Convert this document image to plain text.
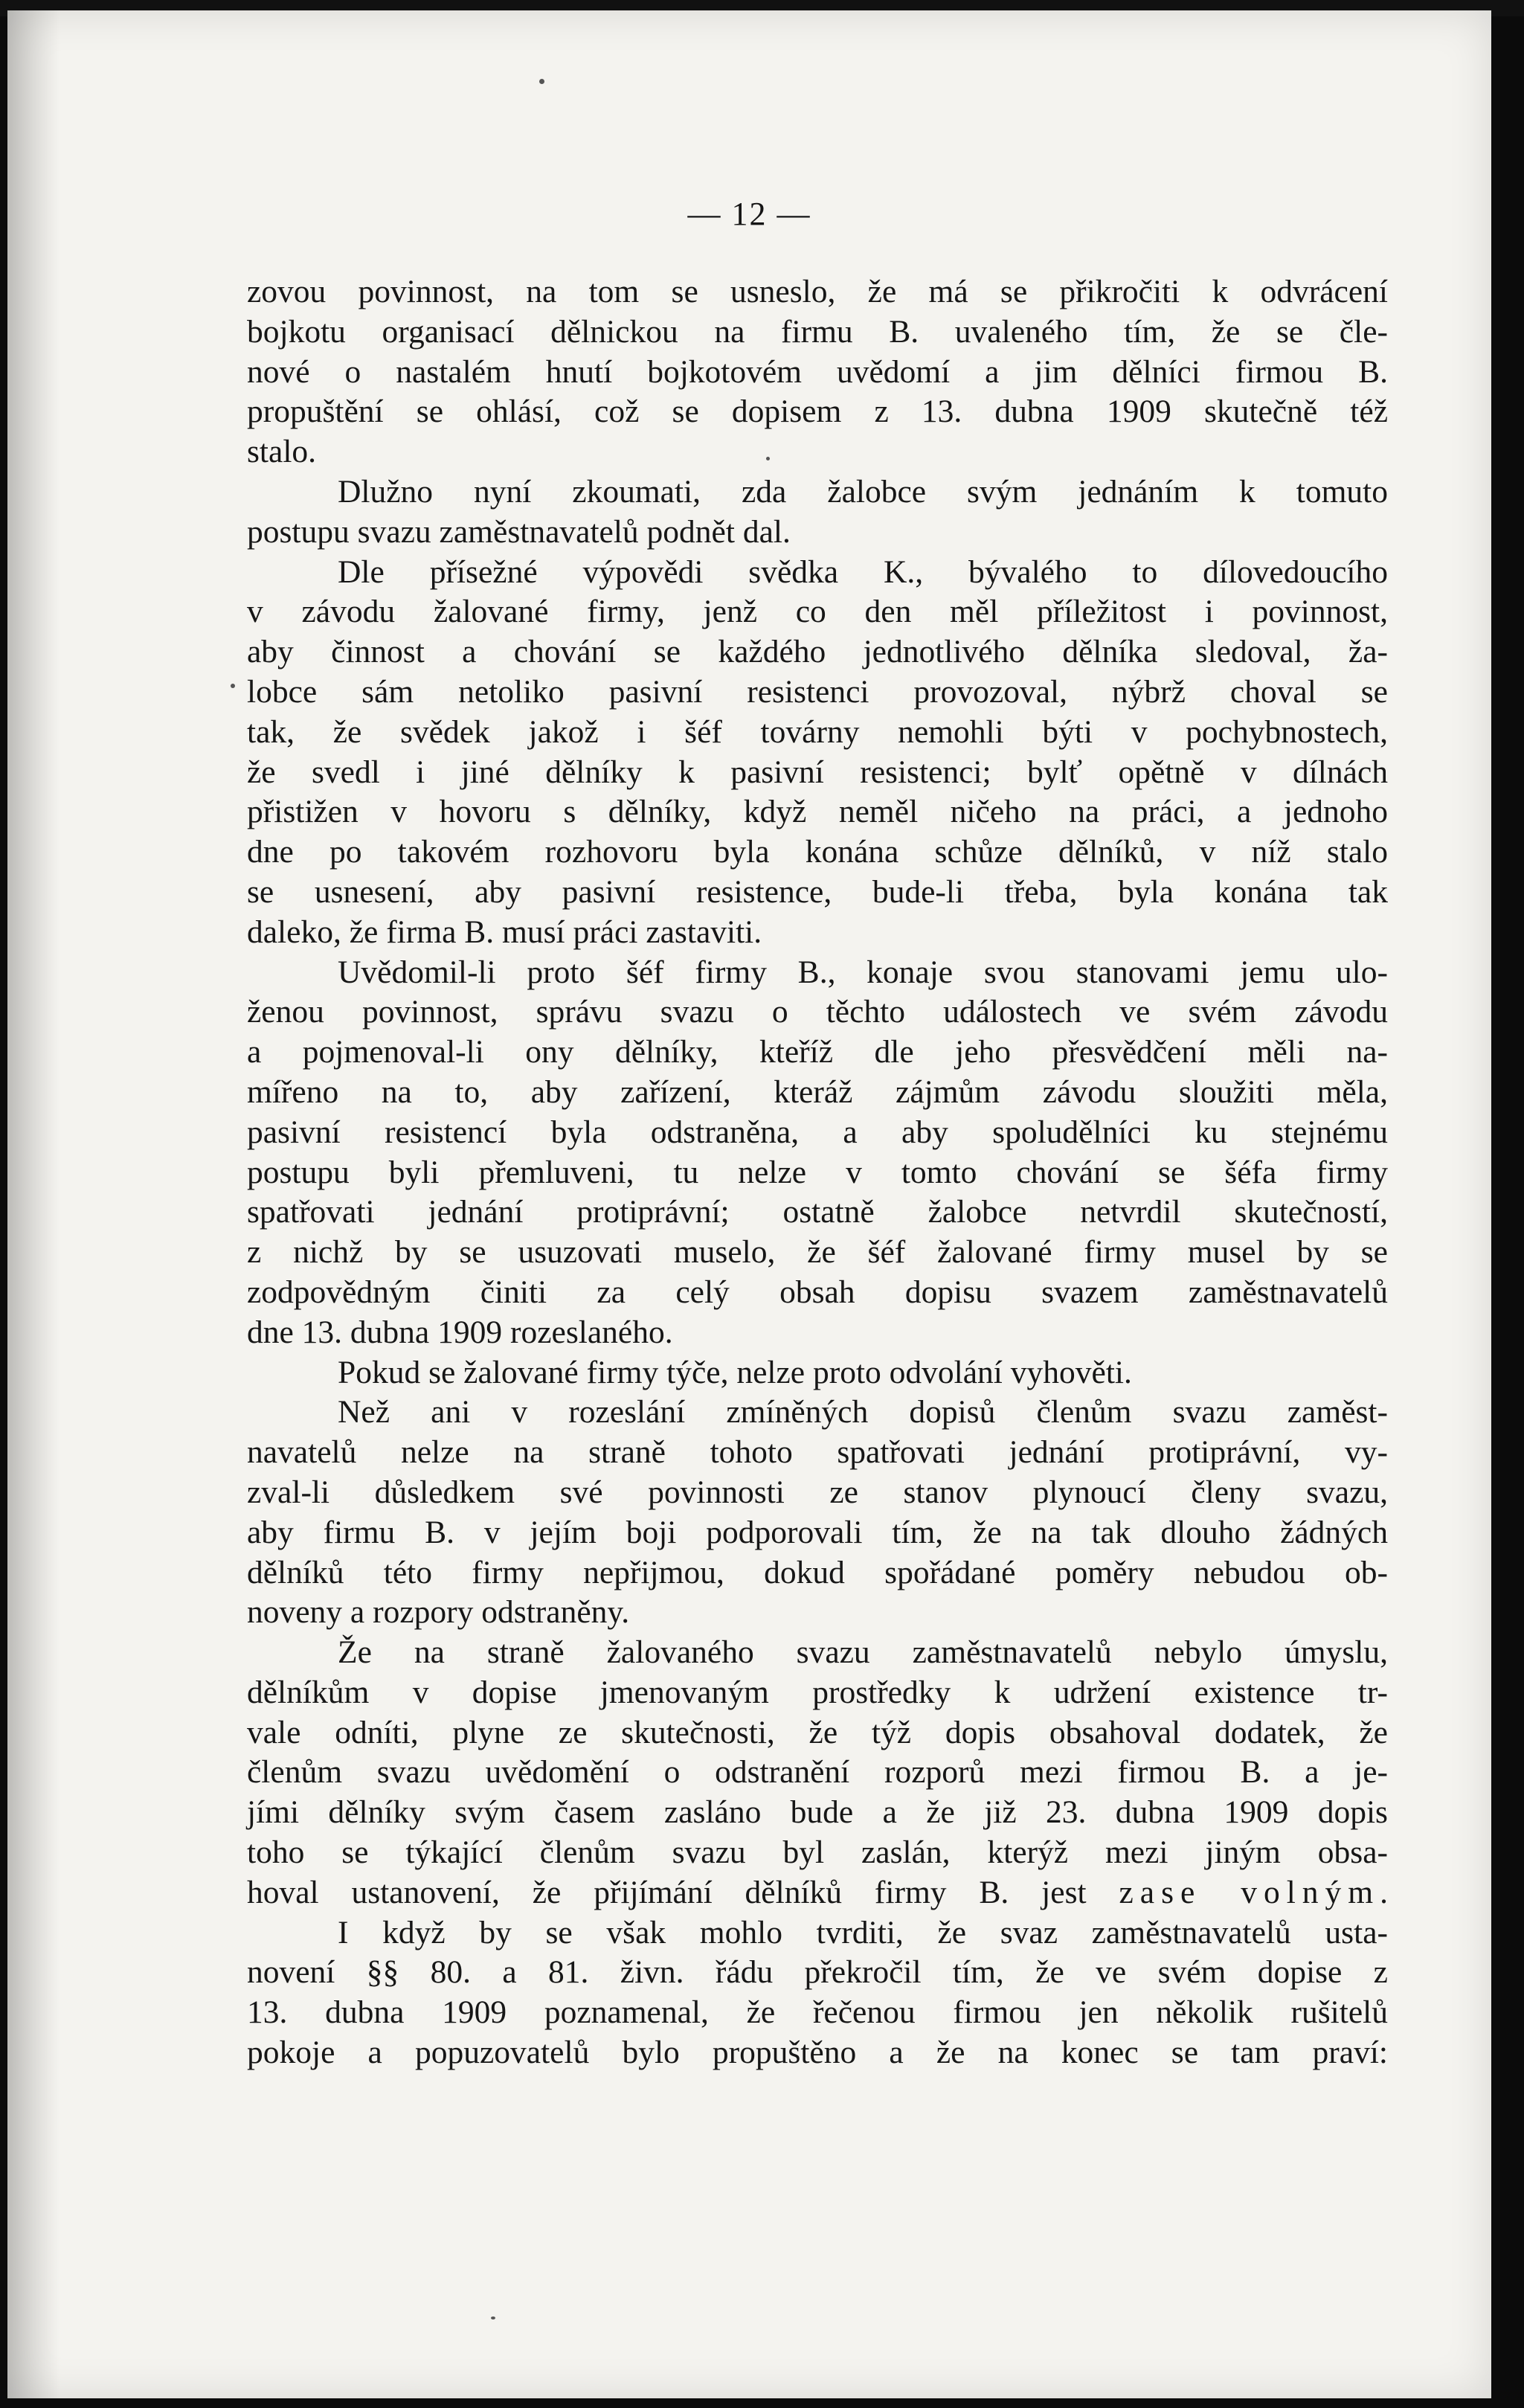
— 12 —
zovou povinnost, na tom se usneslo, že má se přikročiti k odvrácení
bojkotu organisací dělnickou na firmu B. uvaleného tím, že se čle-
nové o nastalém hnutí bojkotovém uvědomí a jim dělníci firmou B.
propuštění se ohlásí, což se dopisem z 13. dubna 1909 skutečně též
stalo.
Dlužno nyní zkoumati, zda žalobce svým jednáním k tomuto
postupu svazu zaměstnavatelů podnět dal.
Dle přísežné výpovědi svědka K., bývalého to dílovedoucího
v závodu žalované firmy, jenž co den měl příležitost i povinnost,
aby činnost a chování se každého jednotlivého dělníka sledoval, ža-
lobce sám netoliko pasivní resistenci provozoval, nýbrž choval se
tak, že svědek jakož i šéf továrny nemohli býti v pochybnostech,
že svedl i jiné dělníky k pasivní resistenci; bylť opětně v dílnách
přistižen v hovoru s dělníky, když neměl ničeho na práci, a jednoho
dne po takovém rozhovoru byla konána schůze dělníků, v níž stalo
se usnesení, aby pasivní resistence, bude-li třeba, byla konána tak
daleko, že firma B. musí práci zastaviti.
Uvědomil-li proto šéf firmy B., konaje svou stanovami jemu ulo-
ženou povinnost, správu svazu o těchto událostech ve svém závodu
a pojmenoval-li ony dělníky, kteříž dle jeho přesvědčení měli na-
mířeno na to, aby zařízení, kteráž zájmům závodu sloužiti měla,
pasivní resistencí byla odstraněna, a aby spoludělníci ku stejnému
postupu byli přemluveni, tu nelze v tomto chování se šéfa firmy
spatřovati jednání protiprávní; ostatně žalobce netvrdil skutečností,
z nichž by se usuzovati muselo, že šéf žalované firmy musel by se
zodpovědným činiti za celý obsah dopisu svazem zaměstnavatelů
dne 13. dubna 1909 rozeslaného.
Pokud se žalované firmy týče, nelze proto odvolání vyhověti.
Než ani v rozeslání zmíněných dopisů členům svazu zaměst-
navatelů nelze na straně tohoto spatřovati jednání protiprávní, vy-
zval-li důsledkem své povinnosti ze stanov plynoucí členy svazu,
aby firmu B. v jejím boji podporovali tím, že na tak dlouho žádných
dělníků této firmy nepřijmou, dokud spořádané poměry nebudou ob-
noveny a rozpory odstraněny.
Že na straně žalovaného svazu zaměstnavatelů nebylo úmyslu,
dělníkům v dopise jmenovaným prostředky k udržení existence tr-
vale odníti, plyne ze skutečnosti, že týž dopis obsahoval dodatek, že
členům svazu uvědomění o odstranění rozporů mezi firmou B. a je-
jími dělníky svým časem zasláno bude a že již 23. dubna 1909 dopis
toho se týkající členům svazu byl zaslán, kterýž mezi jiným obsa-
hoval ustanovení, že přijímání dělníků firmy B. jest zase volným.
I když by se však mohlo tvrditi, že svaz zaměstnavatelů usta-
novení §§ 80. a 81. živn. řádu překročil tím, že ve svém dopise z
13. dubna 1909 poznamenal, že řečenou firmou jen několik rušitelů
pokoje a popuzovatelů bylo propuštěno a že na konec se tam praví:
